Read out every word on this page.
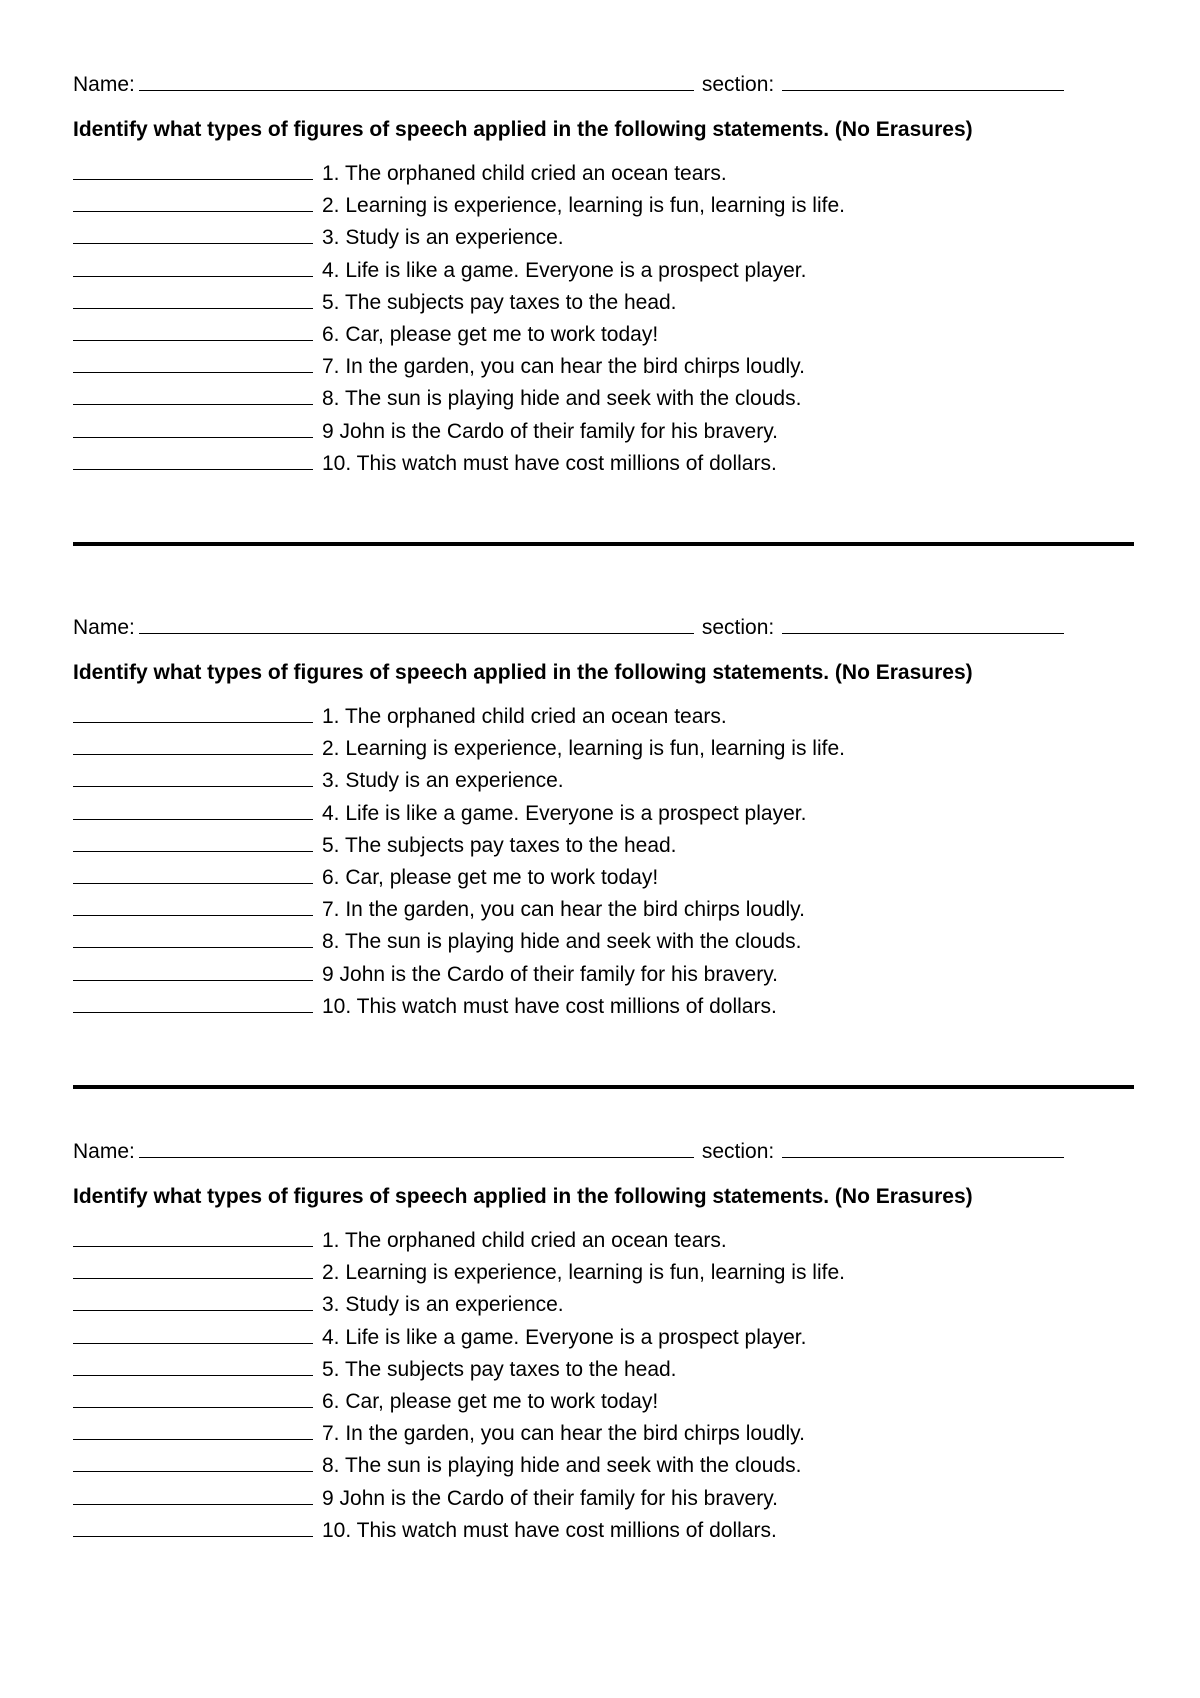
Name:	section:
Identify what types of figures of speech applied in the following statements. (No Erasures)
1. The orphaned child cried an ocean tears.
2. Learning is experience, learning is fun, learning is life.
3. Study is an experience.
4. Life is like a game. Everyone is a prospect player.
5. The subjects pay taxes to the head.
6. Car, please get me to work today!
7. In the garden, you can hear the bird chirps loudly.
8. The sun is playing hide and seek with the clouds.
9 John is the Cardo of their family for his bravery.
10. This watch must have cost millions of dollars.
Name:	section:
Identify what types of figures of speech applied in the following statements. (No Erasures)
1. The orphaned child cried an ocean tears.
2. Learning is experience, learning is fun, learning is life.
3. Study is an experience.
4. Life is like a game. Everyone is a prospect player.
5. The subjects pay taxes to the head.
6. Car, please get me to work today!
7. In the garden, you can hear the bird chirps loudly.
8. The sun is playing hide and seek with the clouds.
9 John is the Cardo of their family for his bravery.
10. This watch must have cost millions of dollars.
Name:	section:
Identify what types of figures of speech applied in the following statements. (No Erasures)
1. The orphaned child cried an ocean tears.
2. Learning is experience, learning is fun, learning is life.
3. Study is an experience.
4. Life is like a game. Everyone is a prospect player.
5. The subjects pay taxes to the head.
6. Car, please get me to work today!
7. In the garden, you can hear the bird chirps loudly.
8. The sun is playing hide and seek with the clouds.
9 John is the Cardo of their family for his bravery.
10. This watch must have cost millions of dollars.
